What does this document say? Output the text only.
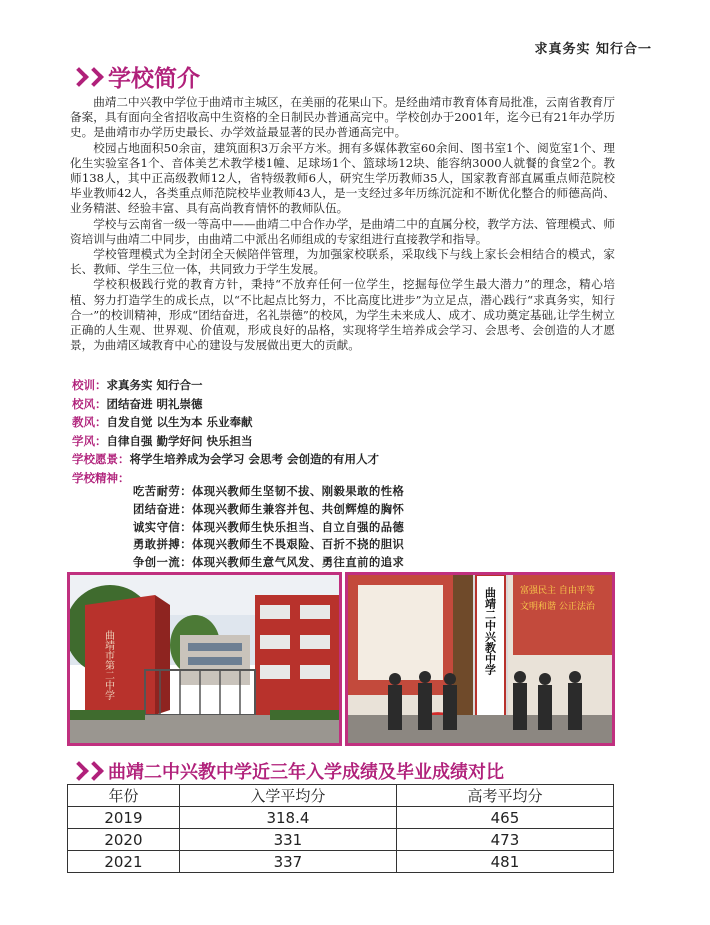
求真务实 知行合一
学校简介

曲靖二中兴教中学位于曲靖市主城区，在美丽的花果山下。是经曲靖市教育体育局批准，云南省教育厅备案，具有面向全省招收高中生资格的全日制民办普通高完中。学校创办于2001年，迄今已有21年办学历史。是曲靖市办学历史最长、办学效益最显著的民办普通高完中。

校园占地面积50余亩，建筑面积3万余平方米。拥有多媒体教室60余间、图书室1个、阅览室1个、理化生实验室各1个、音体美艺术教学楼1幢、足球场1个、篮球场12块、能容纳3000人就餐的食堂2个。教师138人，其中正高级教师12人，省特级教师6人，研究生学历教师35人，国家教育部直属重点师范院校毕业教师42人，各类重点师范院校毕业教师43人，是一支经过多年历练沉淀和不断优化整合的师德高尚、业务精湛、经验丰富、具有高尚教育情怀的教师队伍。

学校与云南省一级一等高中——曲靖二中合作办学，是曲靖二中的直属分校，教学方法、管理模式、师资培训与曲靖二中同步，由曲靖二中派出名师组成的专家组进行直接教学和指导。

学校管理模式为全封闭全天候陪伴管理，为加强家校联系，采取线下与线上家长会相结合的模式，家长、教师、学生三位一体，共同致力于学生发展。

学校积极践行党的教育方针，秉持“不放弃任何一位学生，挖掘每位学生最大潜力”的理念，精心培植、努力打造学生的成长点，以“不比起点比努力，不比高度比进步”为立足点，潜心践行“求真务实，知行合一”的校训精神，形成“团结奋进，名礼崇德”的校风，为学生未来成人、成才、成功奠定基础,让学生树立正确的人生观、世界观、价值观，形成良好的品格，实现将学生培养成会学习、会思考、会创造的人才愿景，为曲靖区域教育中心的建设与发展做出更大的贡献。

校训：求真务实 知行合一
校风：团结奋进 明礼崇德
教风：自发自觉 以生为本 乐业奉献
学风：自律自强 勤学好问 快乐担当
学校愿景：将学生培养成为会学习 会思考 会创造的有用人才
学校精神：
吃苦耐劳：体现兴教师生坚韧不拔、刚毅果敢的性格
团结奋进：体现兴教师生兼容并包、共创辉煌的胸怀
诚实守信：体现兴教师生快乐担当、自立自强的品德
勇敢拼搏：体现兴教师生不畏艰险、百折不挠的胆识
争创一流：体现兴教师生意气风发、勇往直前的追求
曲靖市第二中学
富强民主 自由平等
文明和谐 公正法治
曲靖二中兴教中学
曲靖二中兴教中学近三年入学成绩及毕业成绩对比
年份	入学平均分	高考平均分
2019	318.4	465
2020	331	473
2021	337	481
